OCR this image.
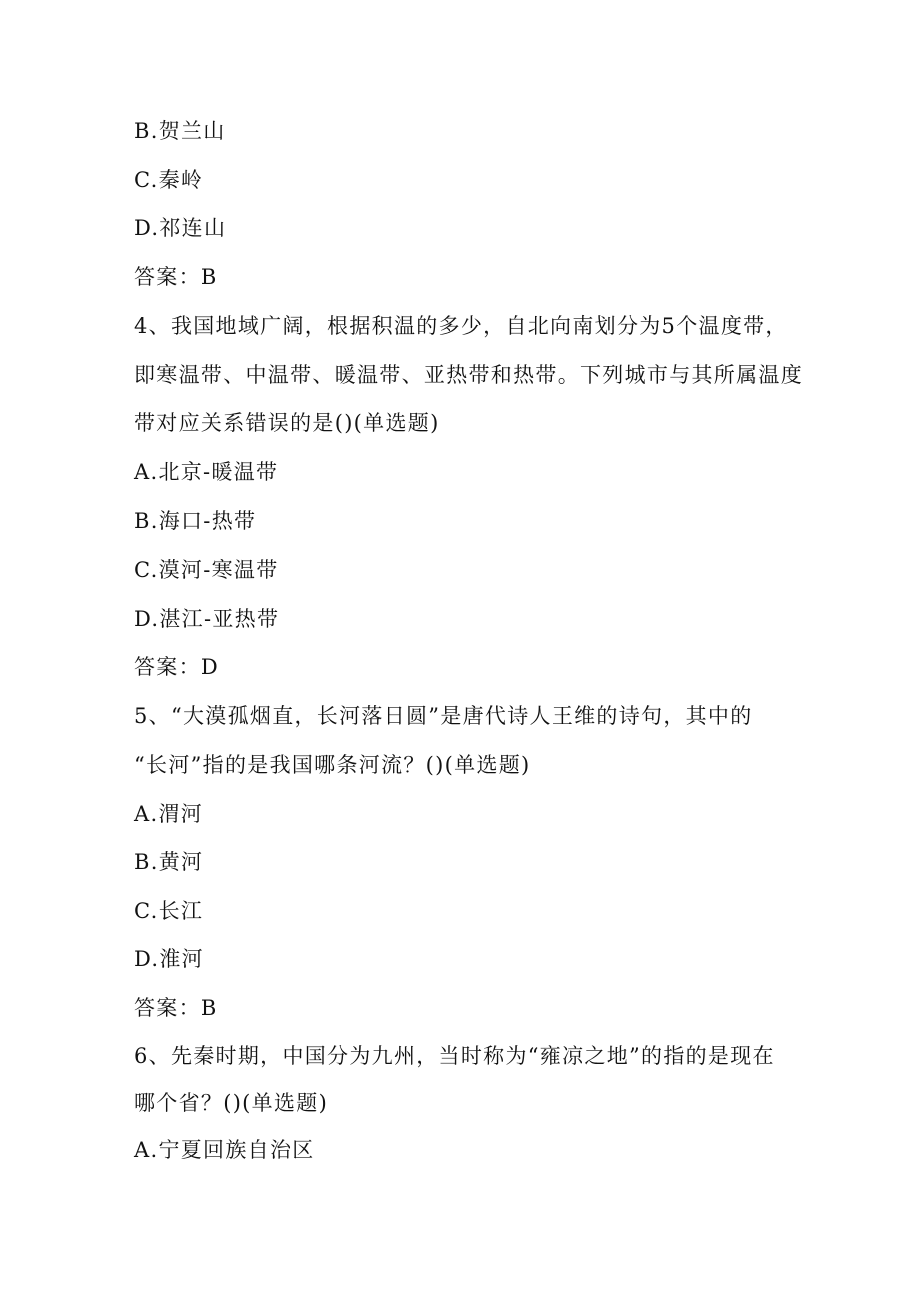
B.贺兰山
C.秦岭
D.祁连山
答案：B
4、我国地域广阔，根据积温的多少，自北向南划分为5个温度带，
即寒温带、中温带、暖温带、亚热带和热带。下列城市与其所属温度
带对应关系错误的是()(单选题)
A.北京-暖温带
B.海口-热带
C.漠河-寒温带
D.湛江-亚热带
答案：D
5、“大漠孤烟直，长河落日圆”是唐代诗人王维的诗句，其中的
“长河”指的是我国哪条河流？()(单选题)
A.渭河
B.黄河
C.长江
D.淮河
答案：B
6、先秦时期，中国分为九州，当时称为“雍凉之地”的指的是现在
哪个省？()(单选题)
A.宁夏回族自治区
